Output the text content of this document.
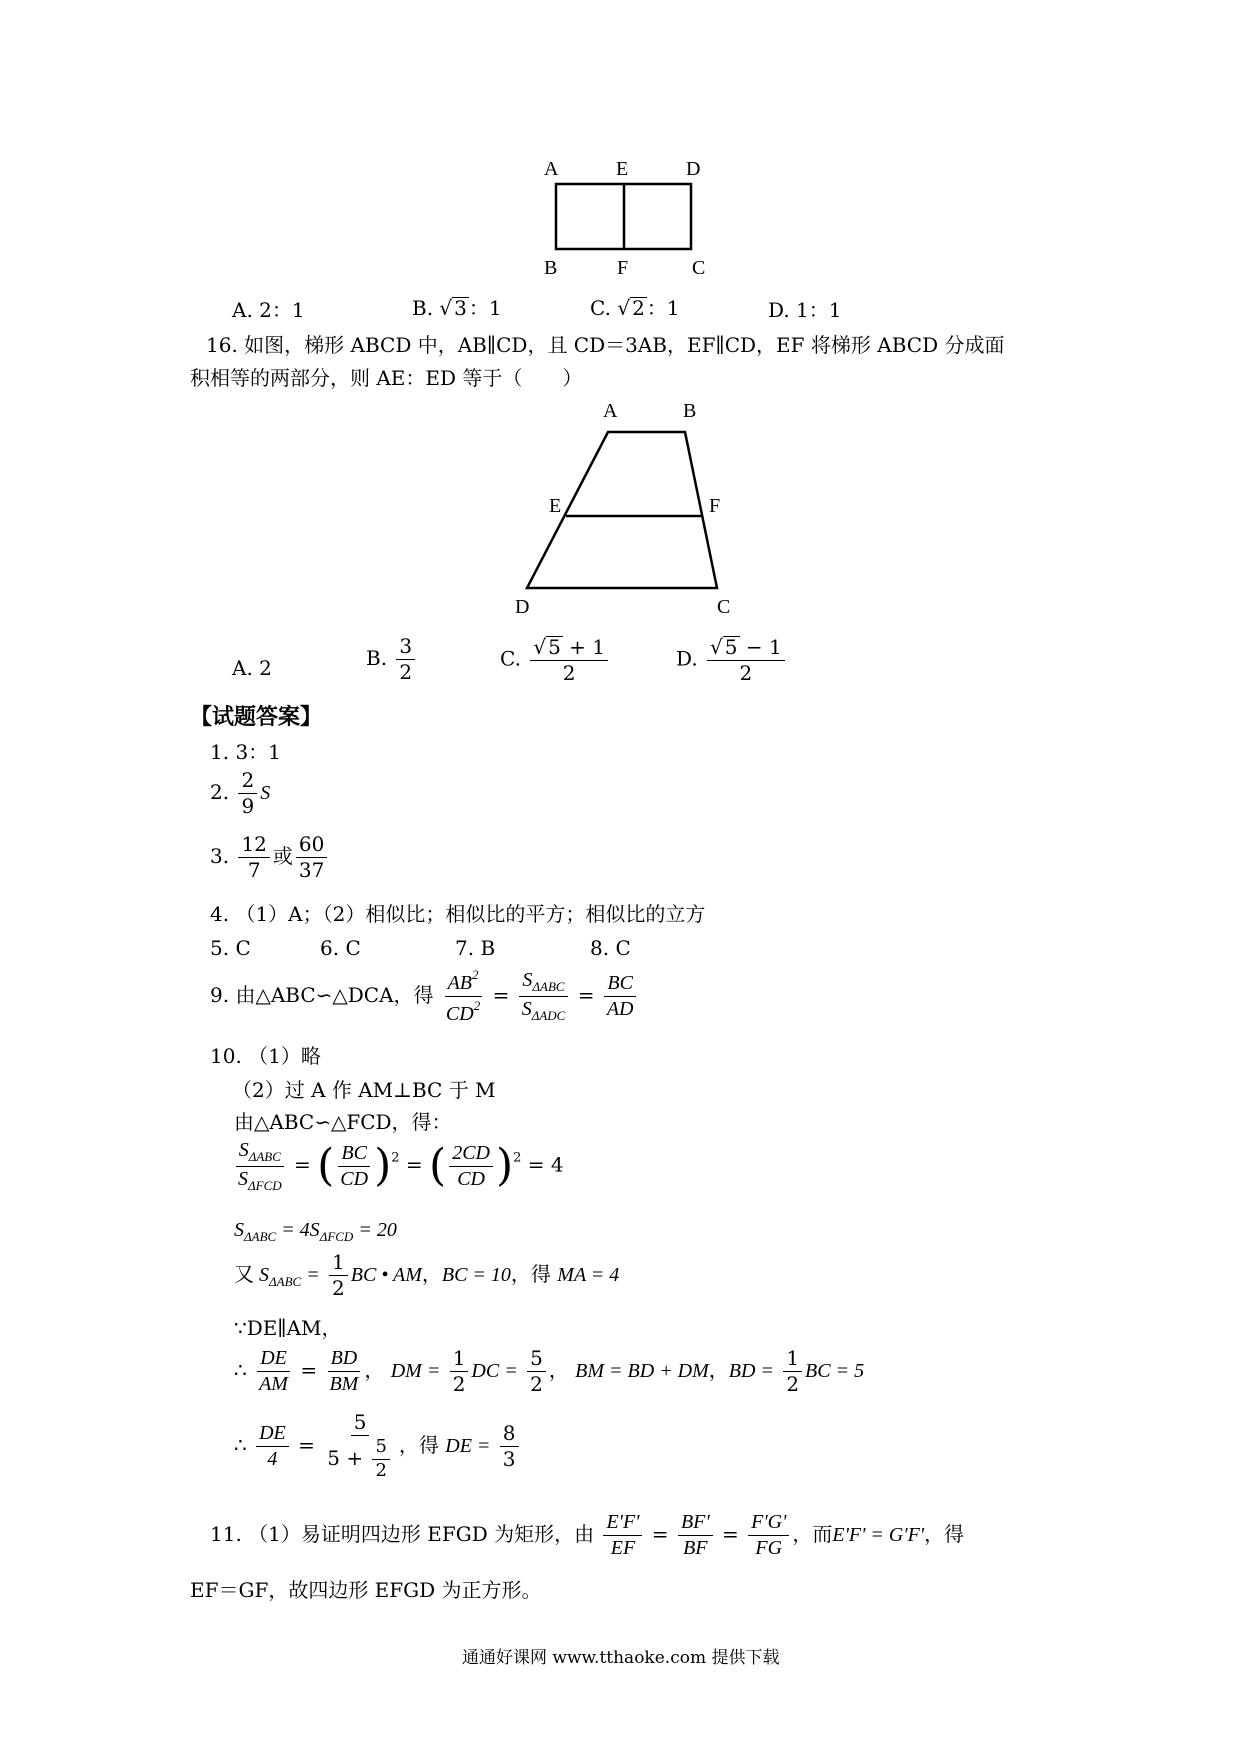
A	E	D
B	F	C
A. 2：1	B. √ 3 ：1	C. √ 2 ：1	D. 1：1
16. 如图，梯形 ABCD 中，AB∥CD，且 CD＝3AB，EF∥CD，EF 将梯形 ABCD 分成面
积相等的两部分，则 AE：ED 等于（　　）
A	B
E	F
D	C
A. 2	B. $\frac{3}{2}$	C. $\frac{√ 5 + 1}{2}$	D. $\frac{√ 5 - 1}{2}$
【试题答案】
1. 3：1
2. $\frac{2}{9}$ S
3. $\frac{12}{7}$ 或 $\frac{60}{37}$
4. （1）A；（2）相似比；相似比的平方；相似比的立方
5. C	6. C	7. B	8. C
9. 由△ABC∽△DCA，得 $\frac{AB^2}{CD^2} = \frac{S_{\Delta ABC}}{S_{\Delta ADC}} = \frac{BC}{AD}$
10. （1）略
（2）过 A 作 AM⊥BC 于 M
由△ABC∽△FCD，得：
$\frac{S_{\Delta ABC}}{S_{\Delta FCD}}$ = ( $\frac{BC}{CD} )^2$ = ( $\frac{2CD}{CD} )^2 = 4$
$S_{\Delta ABC} = 4S_{\Delta FCD} = 20$
又 $S_{\Delta ABC} = \frac{1}{2}$ BC • AM，BC = 10，得 MA = 4
∵DE∥AM，
∴ $\frac{DE}{AM} = \frac{BD}{BM}$ ， DM = $\frac{1}{2}$ DC = $\frac{5}{2}$ ， BM = BD + DM，BD = $\frac{1}{2}$ BC = 5
∴ $\frac{DE}{4} = \frac{5}{5 + \frac{5}{2}}$ ，得 DE = $\frac{8}{3}$
11. （1）易证明四边形 EFGD 为矩形，由 $\frac{E'F'}{EF} = \frac{BF'}{BF} = \frac{F'G'}{FG}$ ，而E'F' = G'F'，得
EF＝GF，故四边形 EFGD 为正方形。
通通好课网 www.tthaoke.com 提供下载
